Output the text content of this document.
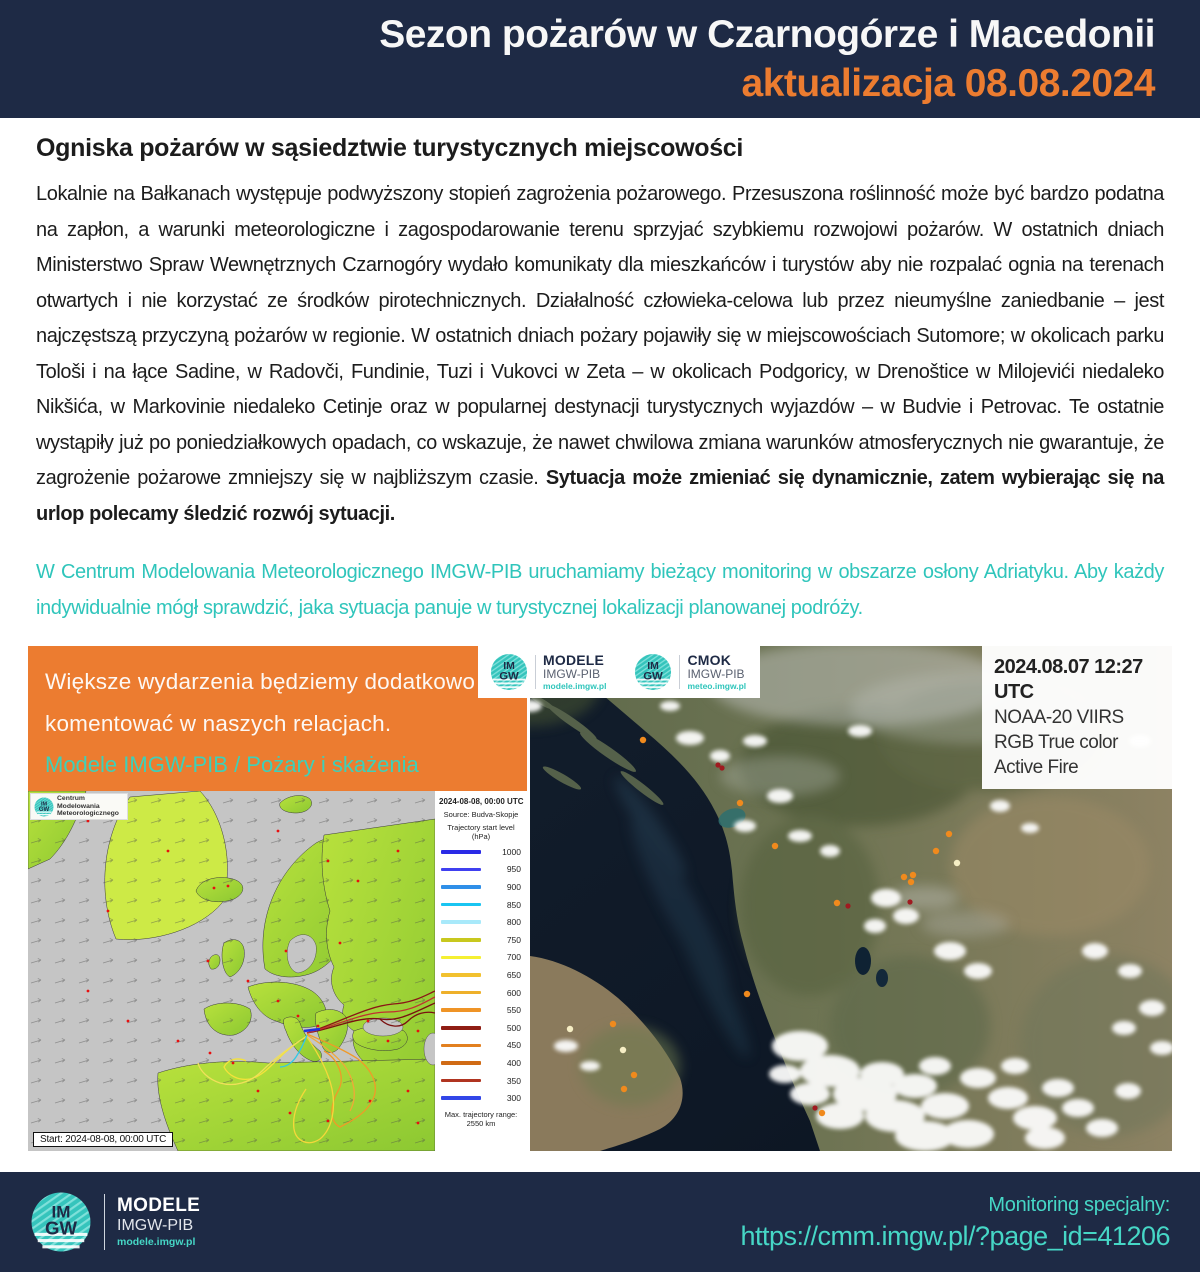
Sezon pożarów w Czarnogórze i Macedonii
aktualizacja 08.08.2024
Ogniska pożarów w sąsiedztwie turystycznych miejscowości

Lokalnie na Bałkanach występuje podwyższony stopień zagrożenia pożarowego. Przesuszona roślinność może być bardzo podatna na zapłon, a warunki meteorologiczne i zagospodarowanie terenu sprzyjać szybkiemu rozwojowi pożarów. W ostatnich dniach Ministerstwo Spraw Wewnętrznych Czarnogóry wydało komunikaty dla mieszkańców i turystów aby nie rozpalać ognia na terenach otwartych i nie korzystać ze środków pirotechnicznych. Działalność człowieka-celowa lub przez nieumyślne zaniedbanie – jest najczęstszą przyczyną pożarów w regionie. W ostatnich dniach pożary pojawiły się w miejscowościach Sutomore; w okolicach parku Tološi i na łące Sadine, w Radovči, Fundinie, Tuzi i Vukovci w Zeta – w okolicach Podgoricy, w Drenoštice w Milojevići niedaleko Nikšića, w Markovinie niedaleko Cetinje oraz w popularnej destynacji turystycznych wyjazdów – w Budvie i Petrovac. Te ostatnie wystąpiły już po poniedziałkowych opadach, co wskazuje, że nawet chwilowa zmiana warunków atmosferycznych nie gwarantuje, że zagrożenie pożarowe zmniejszy się w najbliższym czasie. Sytuacja może zmieniać się dynamicznie, zatem wybierając się na urlop polecamy śledzić rozwój sytuacji.

W Centrum Modelowania Meteorologicznego IMGW-PIB uruchamiamy bieżący monitoring w obszarze osłony Adriatyku. Aby każdy indywidualnie mógł sprawdzić, jaka sytuacja panuje w turystycznej lokalizacji planowanej podróży.

Większe wydarzenia będziemy dodatkowo
komentować w naszych relacjach.
Modele IMGW-PIB / Pożary i skażenia
IM
GW
MODELE
IMGW-PIB
modele.imgw.pl
IM
GW
CMOK
IMGW-PIB
meteo.imgw.pl
2024.08.07 12:27 UTC
NOAA-20 VIIRS
RGB True color
Active Fire
IM
GW
Centrum
Modelowania
Meteorologicznego
Start: 2024-08-08, 00:00 UTC
2024-08-08, 00:00 UTC
Source: Budva-Skopje
Trajectory start level
(hPa)
1000
950
900
850
800
750
700
650
600
550
500
450
400
350
300
Max. trajectory range:
2550 km
IM
GW
MODELE
IMGW-PIB
modele.imgw.pl
Monitoring specjalny:
https://cmm.imgw.pl/?page_id=41206
